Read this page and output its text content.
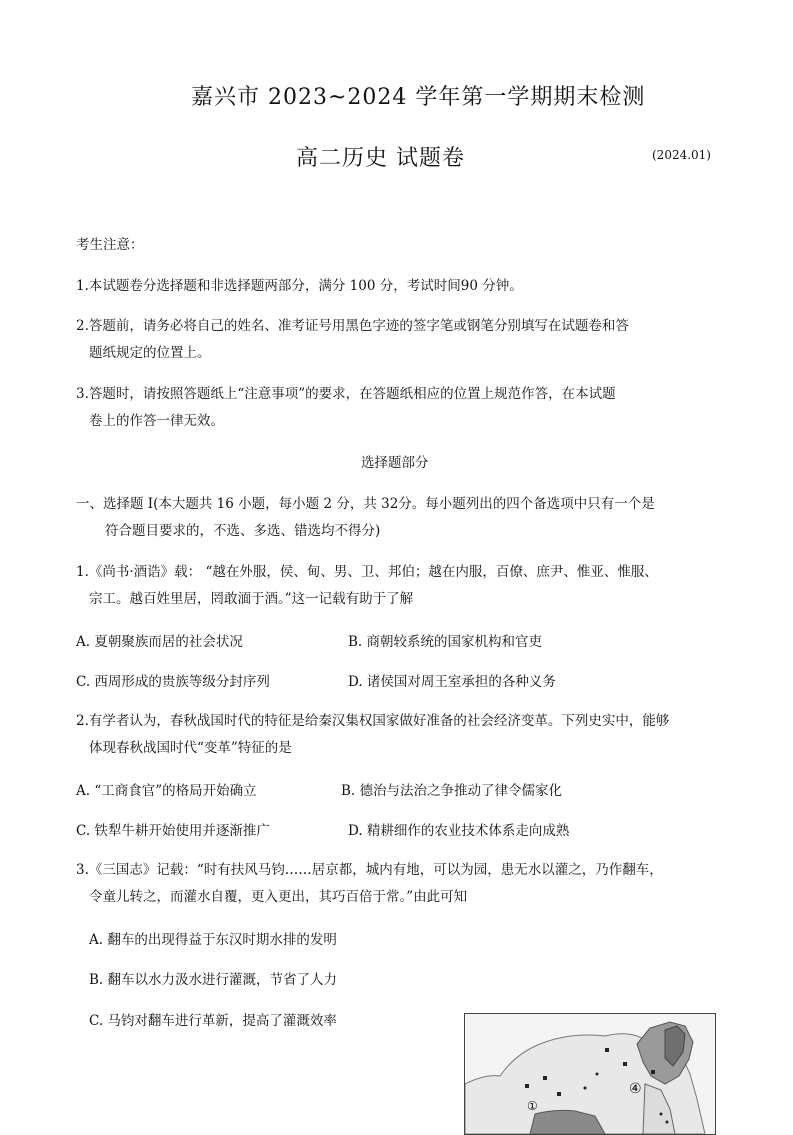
嘉兴市 2023~2024 学年第一学期期末检测
高二历史 试题卷	(2024.01)
考生注意：
1.本试题卷分选择题和非选择题两部分，满分 100 分，考试时间90 分钟。
2.答题前，请务必将自己的姓名、准考证号用黑色字迹的签字笔或钢笔分别填写在试题卷和答
题纸规定的位置上。
3.答题时，请按照答题纸上“注意事项”的要求，在答题纸相应的位置上规范作答，在本试题
卷上的作答一律无效。
选择题部分
一、选择题 I(本大题共 16 小题，每小题 2 分，共 32分。每小题列出的四个备选项中只有一个是
符合题目要求的，不选、多选、错选均不得分)
1.《尚书·酒诰》载： “越在外服，侯、甸、男、卫、邦伯；越在内服，百僚、庶尹、惟亚、惟服、
宗工。越百姓里居，罔敢湎于酒。”这一记载有助于了解
A. 夏朝聚族而居的社会状况	B. 商朝较系统的国家机构和官吏
C. 西周形成的贵族等级分封序列	D. 诸侯国对周王室承担的各种义务
2.有学者认为，春秋战国时代的特征是给秦汉集权国家做好准备的社会经济变革。下列史实中，能够
体现春秋战国时代“变革”特征的是
A. “工商食官”的格局开始确立	B. 德治与法治之争推动了律令儒家化
C. 铁犁牛耕开始使用并逐渐推广	D. 精耕细作的农业技术体系走向成熟
3.《三国志》记载：“时有扶风马钧……居京都，城内有地，可以为园，患无水以灌之，乃作翻车，
令童儿转之，而灌水自覆，更入更出，其巧百倍于常。”由此可知
A. 翻车的出现得益于东汉时期水排的发明
B. 翻车以水力汲水进行灌溉，节省了人力
C. 马钧对翻车进行革新，提高了灌溉效率
④
①
